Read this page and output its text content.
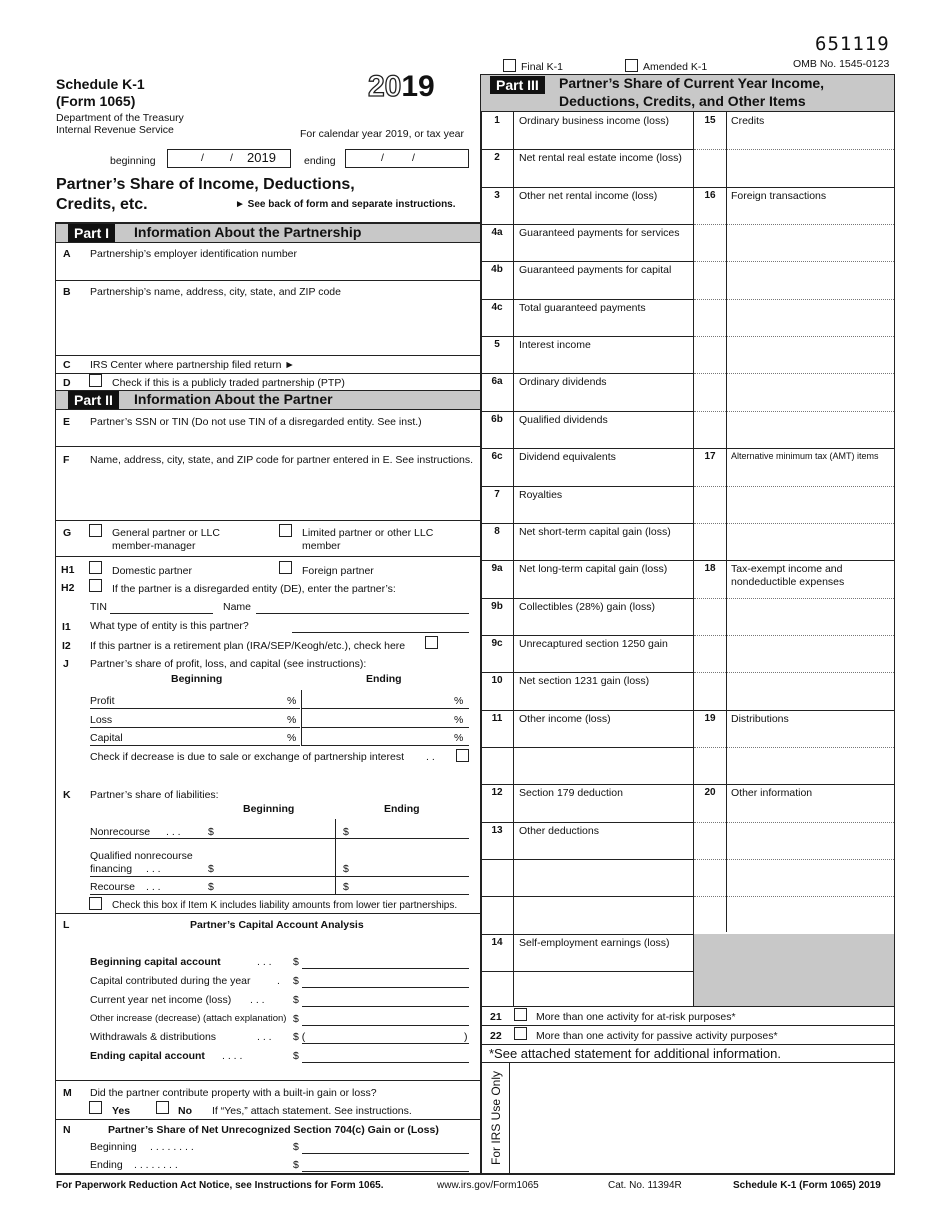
651119
Final K-1	Amended K-1	OMB No. 1545-0123
Schedule K-1
(Form 1065)	2019
Department of the Treasury
Internal Revenue Service	For calendar year 2019, or tax year
beginning	/ / 2019	ending	/	/
Partner’s Share of Income, Deductions,
Credits, etc.	► See back of form and separate instructions.
Part I	Information About the Partnership
A Partnership’s employer identification number
B Partnership’s name, address, city, state, and ZIP code
C IRS Center where partnership filed return ►
D	Check if this is a publicly traded partnership (PTP)
Part II	Information About the Partner
E Partner’s SSN or TIN (Do not use TIN of a disregarded entity. See inst.)
F Name, address, city, state, and ZIP code for partner entered in E. See instructions.
G	General partner or LLC
member-manager
Limited partner or other LLC
member
H1	Domestic partner	Foreign partner
H2	If the partner is a disregarded entity (DE), enter the partner’s:
TIN	Name
I1 What type of entity is this partner?
I2 If this partner is a retirement plan (IRA/SEP/Keogh/etc.), check here
J Partner’s share of profit, loss, and capital (see instructions):
Beginning	Ending
Profit	%	%
Loss	%	%
Capital	%	%
Check if decrease is due to sale or exchange of partnership interest . .
K Partner’s share of liabilities:
Beginning	Ending
Nonrecourse . . .	$	$
Qualified nonrecourse
financing . . .	$	$
Recourse . . .	$	$
Check this box if Item K includes liability amounts from lower tier partnerships.
L	Partner’s Capital Account Analysis
Beginning capital account	. . . $
Capital contributed during the year	. $
Current year net income (loss) . . .	$
Other increase (decrease) (attach explanation) $
Withdrawals & distributions	. . . $ (	)
Ending capital account . . . .	$
M Did the partner contribute property with a built-in gain or loss?
Yes	No If “Yes,” attach statement. See instructions.
N	Partner’s Share of Net Unrecognized Section 704(c) Gain or (Loss)
Beginning . . . . . . . .	$
Ending . . . . . . . .	$
Part III	Partner’s Share of Current Year Income,
Deductions, Credits, and Other Items
1	Ordinary business income (loss)
2	Net rental real estate income (loss)
3	Other net rental income (loss)
4a	Guaranteed payments for services
4b	Guaranteed payments for capital
4c	Total guaranteed payments
5	Interest income
6a	Ordinary dividends
6b	Qualified dividends
6c	Dividend equivalents
7	Royalties
8	Net short-term capital gain (loss)
9a	Net long-term capital gain (loss)
9b	Collectibles (28%) gain (loss)
9c	Unrecaptured section 1250 gain
10	Net section 1231 gain (loss)
11	Other income (loss)
12	Section 179 deduction
13	Other deductions
14	Self-employment earnings (loss)
15	Credits
16	Foreign transactions
17	Alternative minimum tax (AMT) items
18	Tax-exempt income and
nondeductible expenses
19	Distributions
20	Other information
21	More than one activity for at-risk purposes*
22	More than one activity for passive activity purposes*
*See attached statement for additional information.
For IRS Use Only
For Paperwork Reduction Act Notice, see Instructions for Form 1065.	www.irs.gov/Form1065	Cat. No. 11394R	Schedule K-1 (Form 1065) 2019
